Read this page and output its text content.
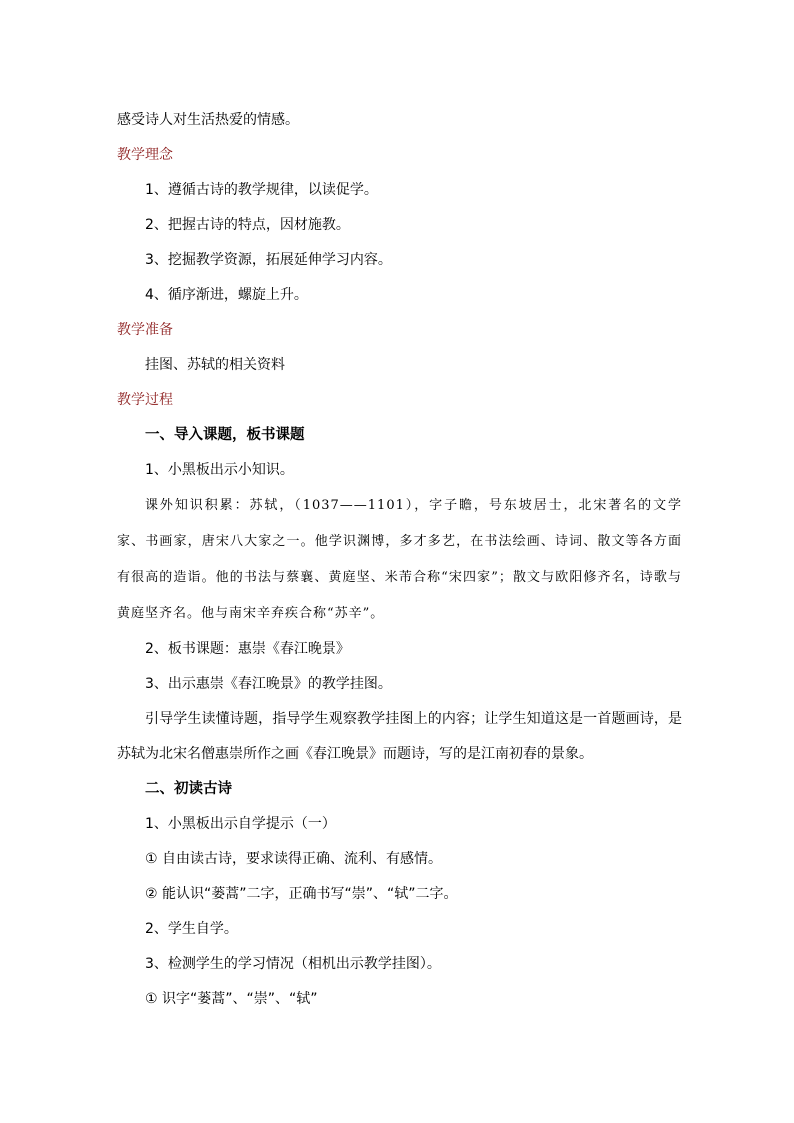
感受诗人对生活热爱的情感。
教学理念
1、遵循古诗的教学规律，以读促学。
2、把握古诗的特点，因材施教。
3、挖掘教学资源，拓展延伸学习内容。
4、循序渐进，螺旋上升。
教学准备
挂图、苏轼的相关资料
教学过程
一、导入课题，板书课题
1、小黑板出示小知识。
课外知识积累：苏轼，（1037——1101），字子瞻，号东坡居士，北宋著名的文学家、书画家，唐宋八大家之一。他学识渊博，多才多艺，在书法绘画、诗词、散文等各方面有很高的造诣。他的书法与蔡襄、黄庭坚、米芾合称“宋四家”；散文与欧阳修齐名，诗歌与黄庭坚齐名。他与南宋辛弃疾合称“苏辛”。
2、板书课题：惠崇《春江晚景》
3、出示惠崇《春江晚景》的教学挂图。
引导学生读懂诗题，指导学生观察教学挂图上的内容；让学生知道这是一首题画诗，是苏轼为北宋名僧惠崇所作之画《春江晚景》而题诗，写的是江南初春的景象。
二、初读古诗
1、小黑板出示自学提示（一）
① 自由读古诗，要求读得正确、流利、有感情。
② 能认识“蒌蒿”二字，正确书写“崇”、“轼”二字。
2、学生自学。
3、检测学生的学习情况（相机出示教学挂图）。
① 识字“蒌蒿”、“崇”、“轼”
